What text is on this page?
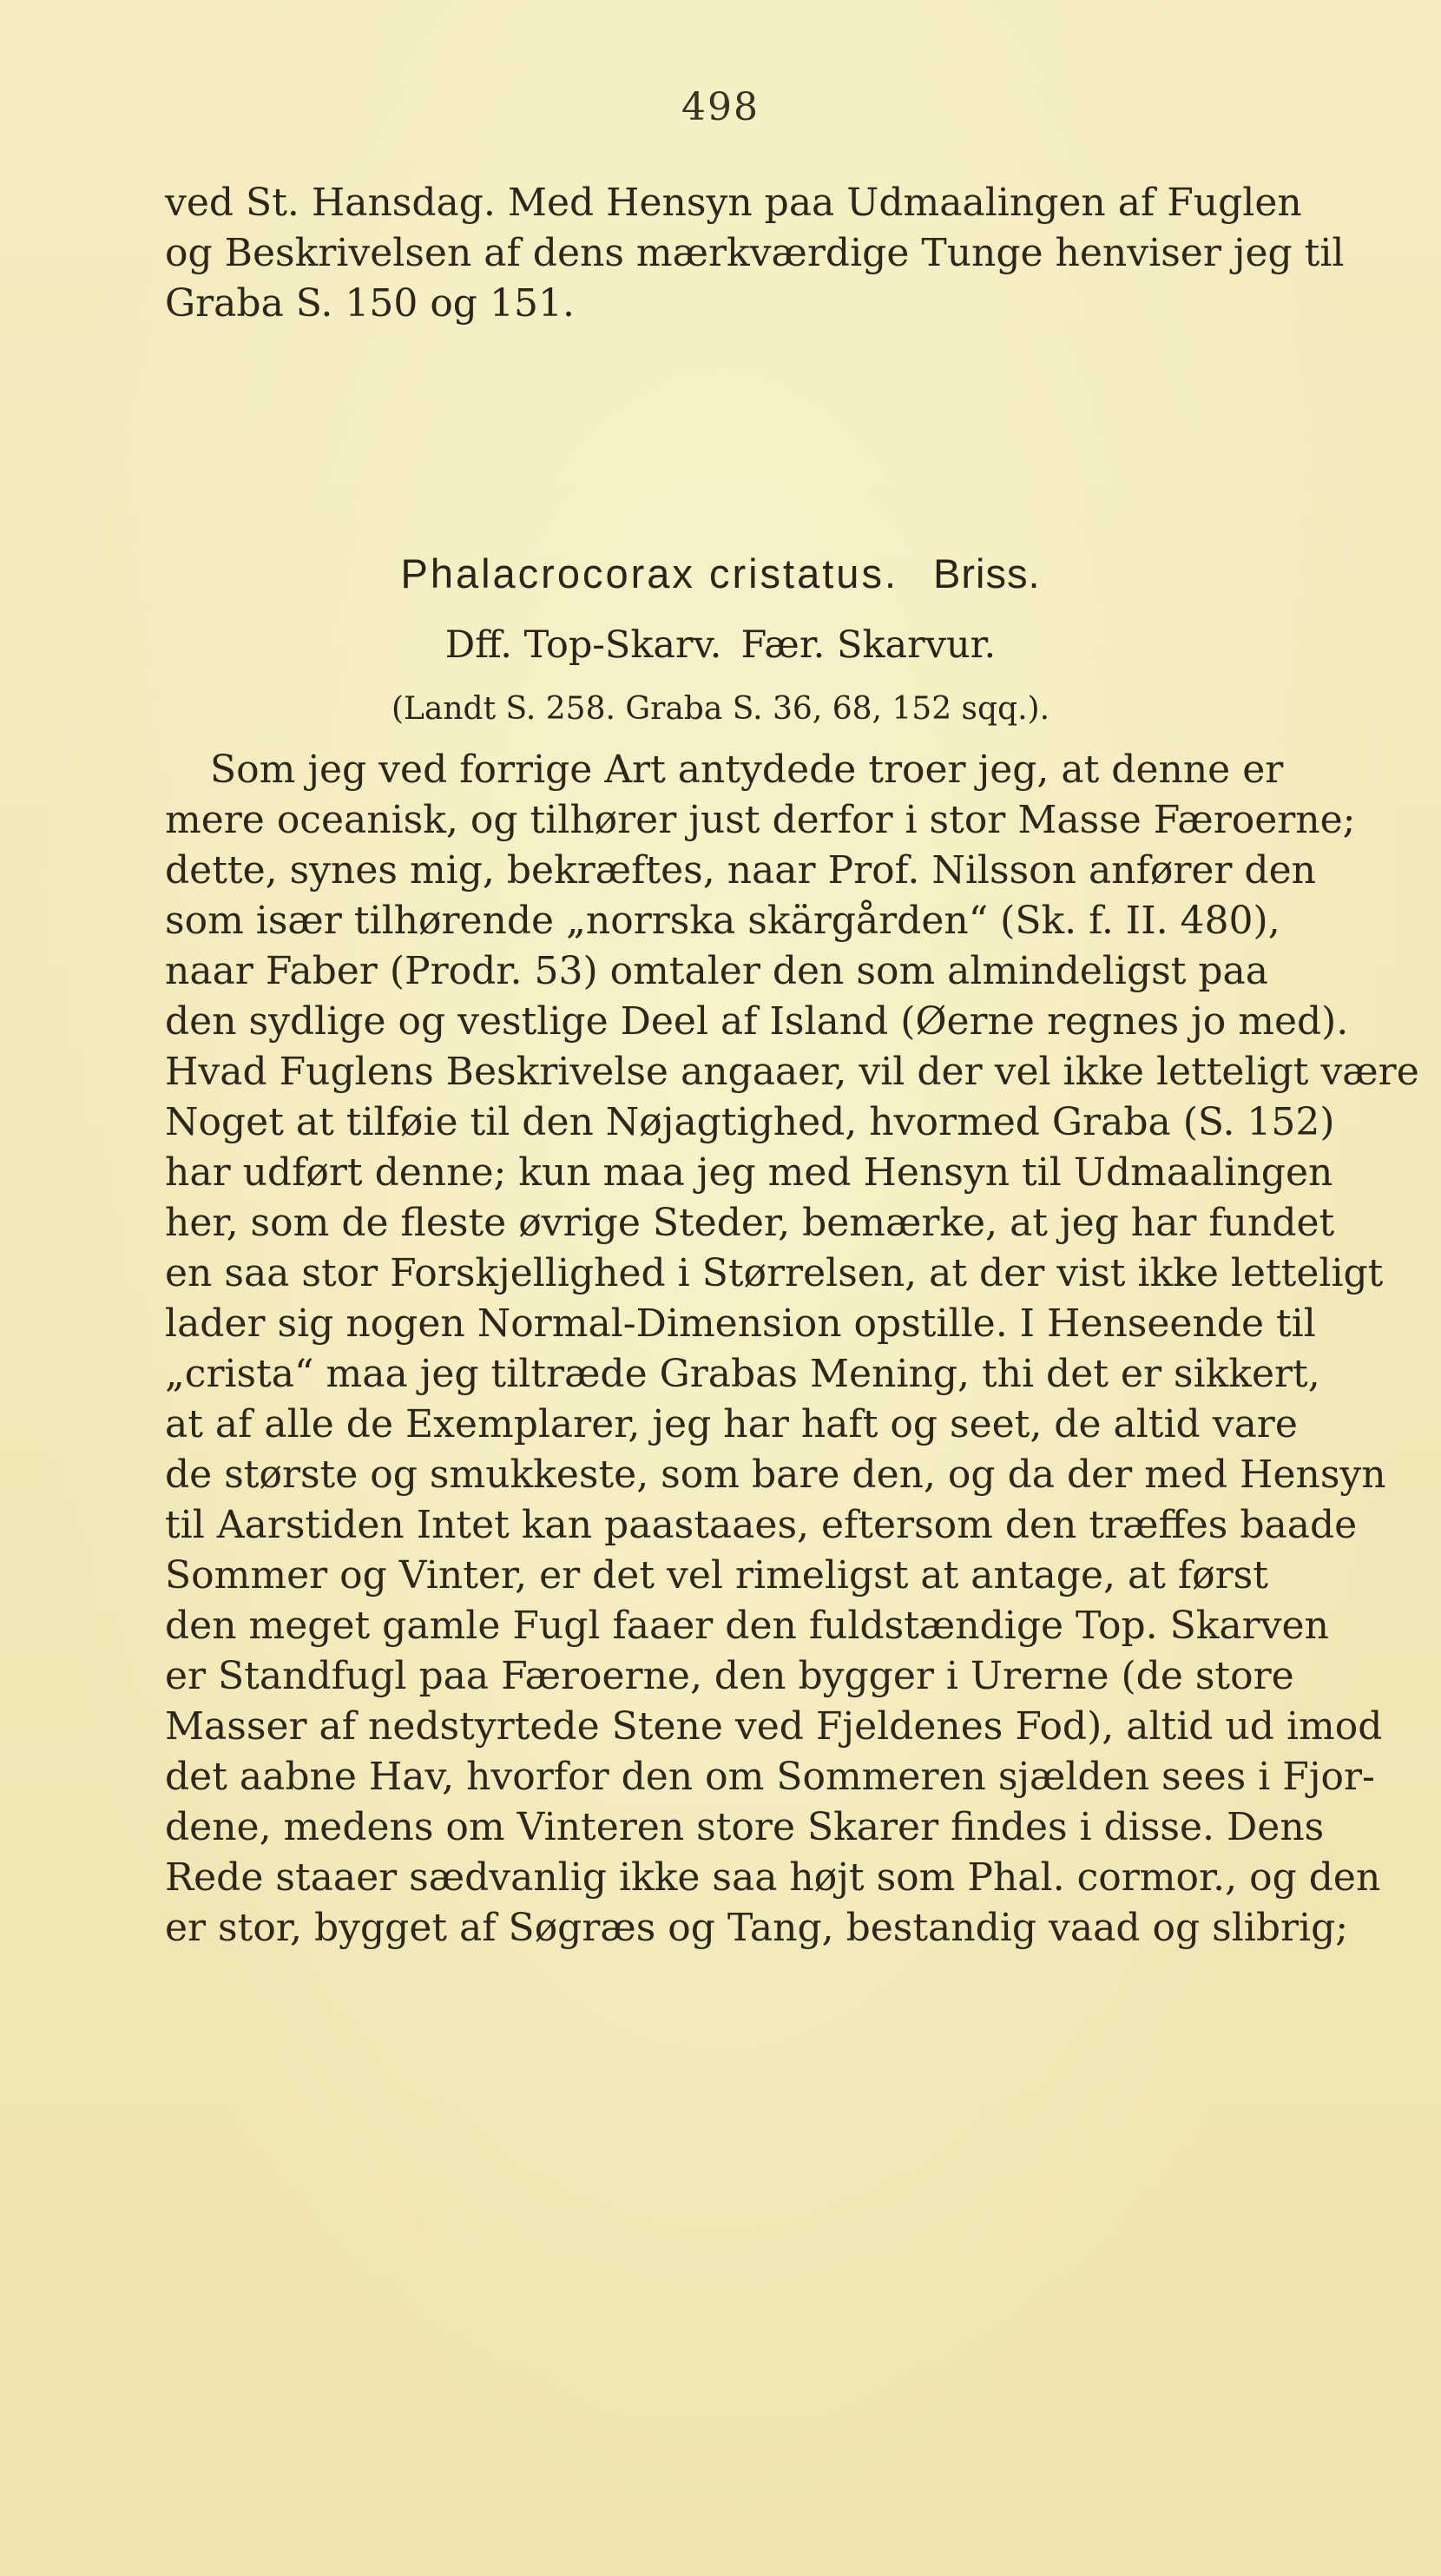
498
ved St. Hansdag. Med Hensyn paa Udmaalingen af Fuglen
og Beskrivelsen af dens mærkværdige Tunge henviser jeg til
Graba S. 150 og 151.
Phalacrocorax cristatus. Briss.
Dff. Top-Skarv. Fær. Skarvur.
(Landt S. 258. Graba S. 36, 68, 152 sqq.).
Som jeg ved forrige Art antydede troer jeg, at denne er
mere oceanisk, og tilhører just derfor i stor Masse Færoerne;
dette, synes mig, bekræftes, naar Prof. Nilsson anfører den
som især tilhørende „norrska skärgården“ (Sk. f. II. 480),
naar Faber (Prodr. 53) omtaler den som almindeligst paa
den sydlige og vestlige Deel af Island (Øerne regnes jo med).
Hvad Fuglens Beskrivelse angaaer, vil der vel ikke letteligt være
Noget at tilføie til den Nøjagtighed, hvormed Graba (S. 152)
har udført denne; kun maa jeg med Hensyn til Udmaalingen
her, som de fleste øvrige Steder, bemærke, at jeg har fundet
en saa stor Forskjellighed i Størrelsen, at der vist ikke letteligt
lader sig nogen Normal-Dimension opstille. I Henseende til
„crista“ maa jeg tiltræde Grabas Mening, thi det er sikkert,
at af alle de Exemplarer, jeg har haft og seet, de altid vare
de største og smukkeste, som bare den, og da der med Hensyn
til Aarstiden Intet kan paastaaes, eftersom den træffes baade
Sommer og Vinter, er det vel rimeligst at antage, at først
den meget gamle Fugl faaer den fuldstændige Top. Skarven
er Standfugl paa Færoerne, den bygger i Urerne (de store
Masser af nedstyrtede Stene ved Fjeldenes Fod), altid ud imod
det aabne Hav, hvorfor den om Sommeren sjælden sees i Fjor-
dene, medens om Vinteren store Skarer findes i disse. Dens
Rede staaer sædvanlig ikke saa højt som Phal. cormor., og den
er stor, bygget af Søgræs og Tang, bestandig vaad og slibrig;
